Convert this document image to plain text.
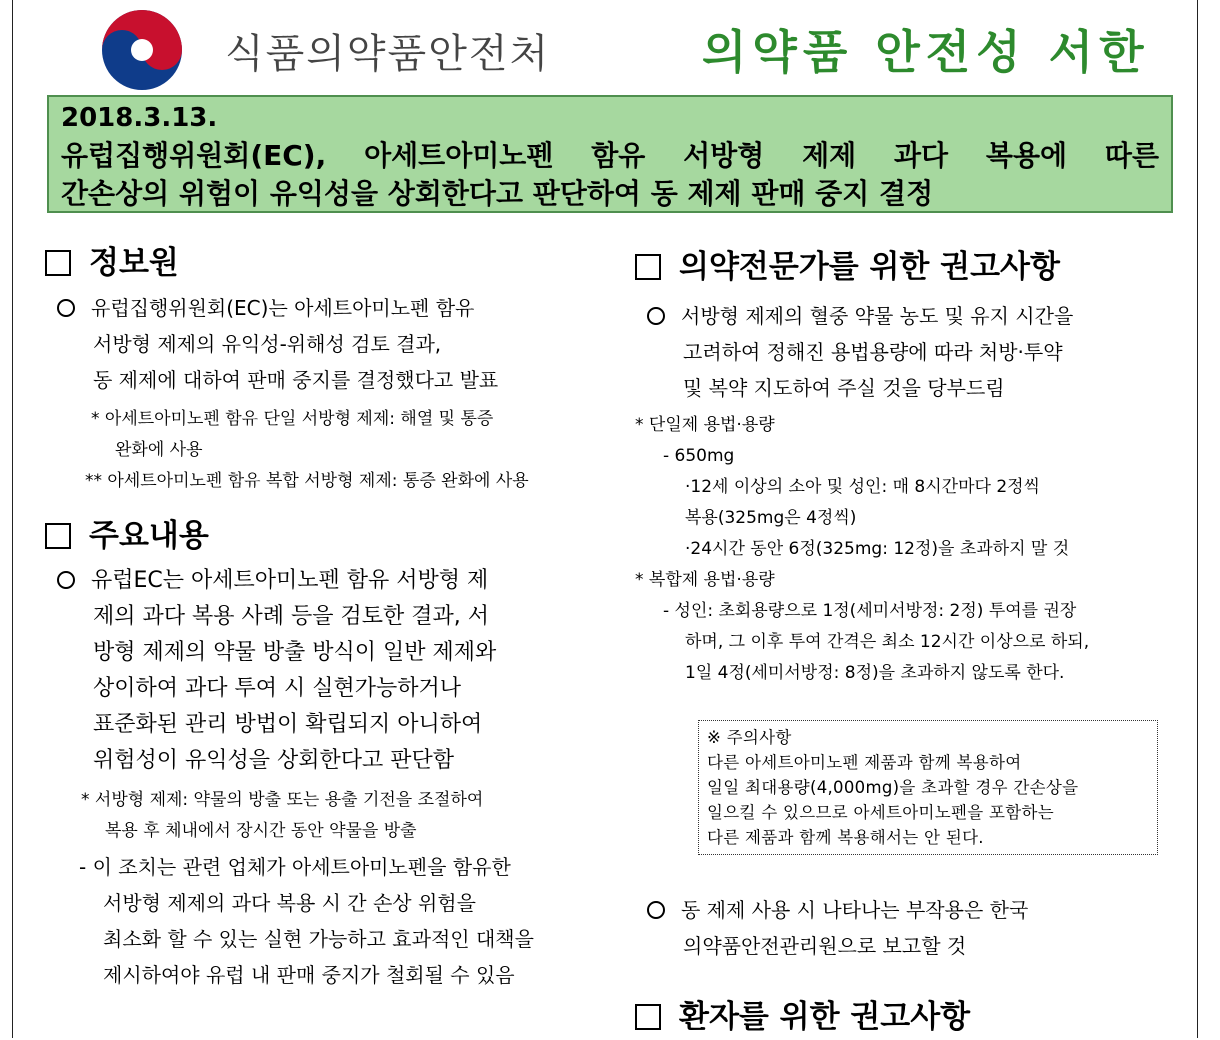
식품의약품안전처	의약품 안전성 서한
2018.3.13.
유럽집행위원회(EC), 아세트아미노펜 함유 서방형 제제 과다 복용에 따른
간손상의 위험이 유익성을 상회한다고 판단하여 동 제제 판매 중지 결정
정보원
유럽집행위원회(EC)는 아세트아미노펜 함유
서방형 제제의 유익성-위해성 검토 결과,
동 제제에 대하여 판매 중지를 결정했다고 발표
* 아세트아미노펜 함유 단일 서방형 제제: 해열 및 통증
완화에 사용
** 아세트아미노펜 함유 복합 서방형 제제: 통증 완화에 사용
주요내용
유럽EC는 아세트아미노펜 함유 서방형 제
제의 과다 복용 사례 등을 검토한 결과, 서
방형 제제의 약물 방출 방식이 일반 제제와
상이하여 과다 투여 시 실현가능하거나
표준화된 관리 방법이 확립되지 아니하여
위험성이 유익성을 상회한다고 판단함
* 서방형 제제: 약물의 방출 또는 용출 기전을 조절하여
복용 후 체내에서 장시간 동안 약물을 방출
- 이 조치는 관련 업체가 아세트아미노펜을 함유한
서방형 제제의 과다 복용 시 간 손상 위험을
최소화 할 수 있는 실현 가능하고 효과적인 대책을
제시하여야 유럽 내 판매 중지가 철회될 수 있음
의약전문가를 위한 권고사항
서방형 제제의 혈중 약물 농도 및 유지 시간을
고려하여 정해진 용법용량에 따라 처방·투약
및 복약 지도하여 주실 것을 당부드림
* 단일제 용법·용량
- 650mg
·12세 이상의 소아 및 성인: 매 8시간마다 2정씩
복용(325mg은 4정씩)
·24시간 동안 6정(325mg: 12정)을 초과하지 말 것
* 복합제 용법·용량
- 성인: 초회용량으로 1정(세미서방정: 2정) 투여를 권장
하며, 그 이후 투여 간격은 최소 12시간 이상으로 하되,
1일 4정(세미서방정: 8정)을 초과하지 않도록 한다.
※ 주의사항
다른 아세트아미노펜 제품과 함께 복용하여
일일 최대용량(4,000mg)을 초과할 경우 간손상을
일으킬 수 있으므로 아세트아미노펜을 포함하는
다른 제품과 함께 복용해서는 안 된다.
동 제제 사용 시 나타나는 부작용은 한국
의약품안전관리원으로 보고할 것
환자를 위한 권고사항
